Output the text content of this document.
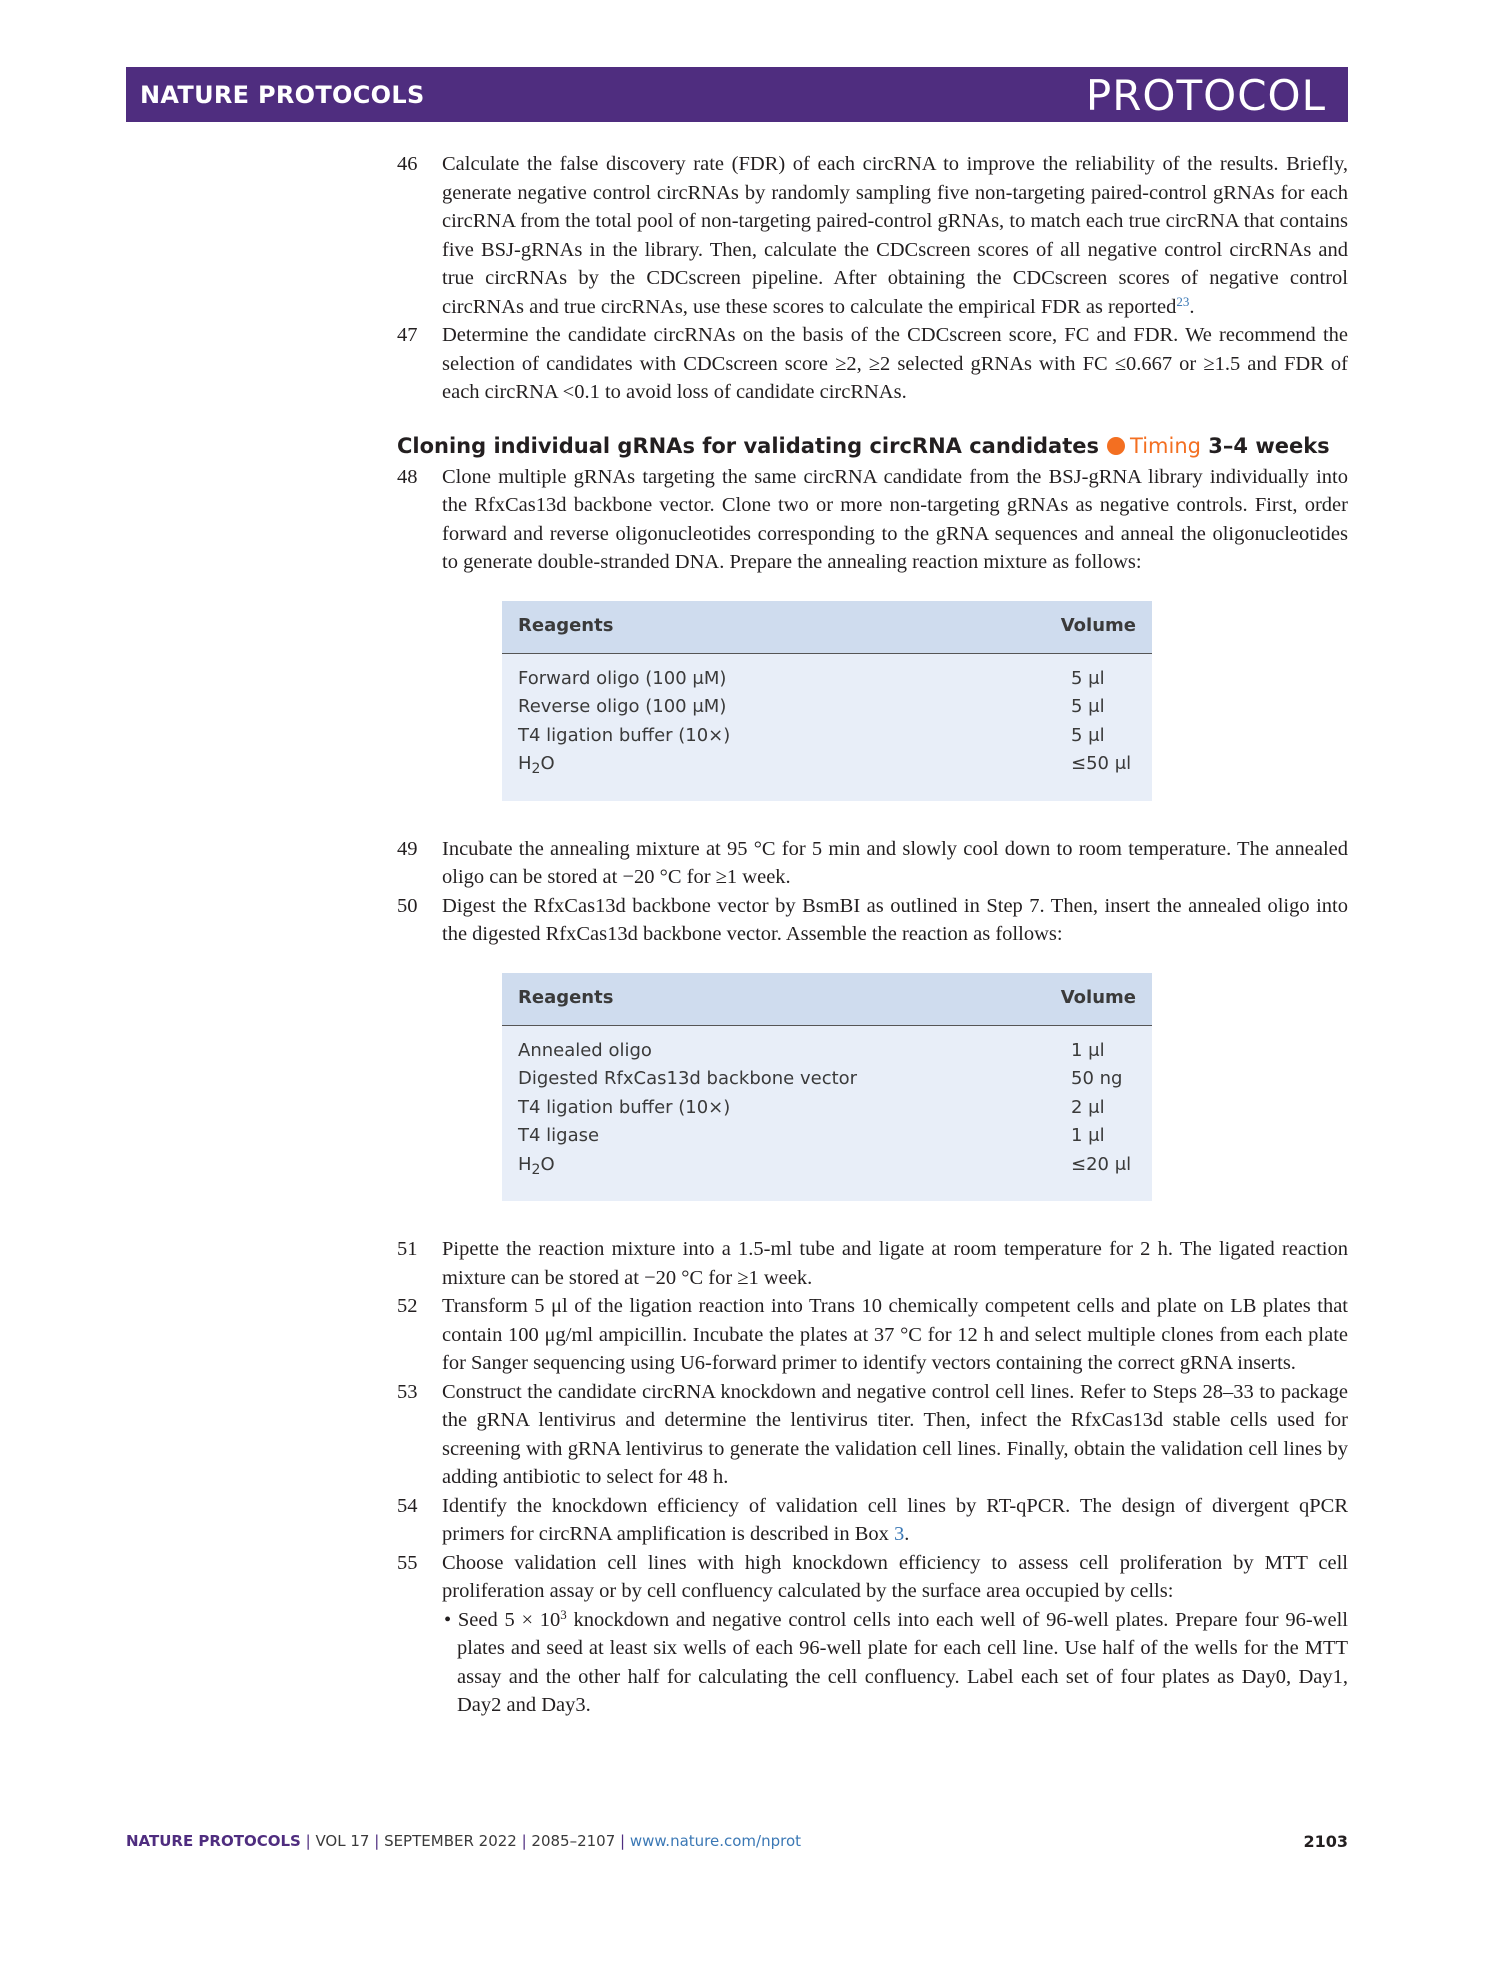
NATURE PROTOCOLS	PROTOCOL
46 Calculate the false discovery rate (FDR) of each circRNA to improve the reliability of the results. Briefly, generate negative control circRNAs by randomly sampling five non-targeting paired-control gRNAs for each circRNA from the total pool of non-targeting paired-control gRNAs, to match each true circRNA that contains five BSJ-gRNAs in the library. Then, calculate the CDCscreen scores of all negative control circRNAs and true circRNAs by the CDCscreen pipeline. After obtaining the CDCscreen scores of negative control circRNAs and true circRNAs, use these scores to calculate the empirical FDR as reported$^{23}$.
47 Determine the candidate circRNAs on the basis of the CDCscreen score, FC and FDR. We recommend the selection of candidates with CDCscreen score ≥2, ≥2 selected gRNAs with FC ≤0.667 or ≥1.5 and FDR of each circRNA <0.1 to avoid loss of candidate circRNAs.
Cloning individual gRNAs for validating circRNA candidates Timing 3–4 weeks
48 Clone multiple gRNAs targeting the same circRNA candidate from the BSJ-gRNA library individually into the RfxCas13d backbone vector. Clone two or more non-targeting gRNAs as negative controls. First, order forward and reverse oligonucleotides corresponding to the gRNA sequences and anneal the oligonucleotides to generate double-stranded DNA. Prepare the annealing reaction mixture as follows:
Reagents	Volume
Forward oligo (100 μM)	5 μl
Reverse oligo (100 μM)	5 μl
T4 ligation buffer (10×)	5 μl
$H_2O$	≤50 μl
49 Incubate the annealing mixture at 95 °C for 5 min and slowly cool down to room temperature. The annealed oligo can be stored at −20 °C for ≥1 week.
50 Digest the RfxCas13d backbone vector by BsmBI as outlined in Step 7. Then, insert the annealed oligo into the digested RfxCas13d backbone vector. Assemble the reaction as follows:
Reagents	Volume
Annealed oligo	1 μl
Digested RfxCas13d backbone vector	50 ng
T4 ligation buffer (10×)	2 μl
T4 ligase	1 μl
$H_2O$	≤20 μl
51 Pipette the reaction mixture into a 1.5-ml tube and ligate at room temperature for 2 h. The ligated reaction mixture can be stored at −20 °C for ≥1 week.
52 Transform 5 μl of the ligation reaction into Trans 10 chemically competent cells and plate on LB plates that contain 100 μg/ml ampicillin. Incubate the plates at 37 °C for 12 h and select multiple clones from each plate for Sanger sequencing using U6-forward primer to identify vectors containing the correct gRNA inserts.
53 Construct the candidate circRNA knockdown and negative control cell lines. Refer to Steps 28–33 to package the gRNA lentivirus and determine the lentivirus titer. Then, infect the RfxCas13d stable cells used for screening with gRNA lentivirus to generate the validation cell lines. Finally, obtain the validation cell lines by adding antibiotic to select for 48 h.
54 Identify the knockdown efficiency of validation cell lines by RT-qPCR. The design of divergent qPCR primers for circRNA amplification is described in Box 3.
55 Choose validation cell lines with high knockdown efficiency to assess cell proliferation by MTT cell proliferation assay or by cell confluency calculated by the surface area occupied by cells:
• Seed $5 \times 10^3$ knockdown and negative control cells into each well of 96-well plates. Prepare four 96-well plates and seed at least six wells of each 96-well plate for each cell line. Use half of the wells for the MTT assay and the other half for calculating the cell confluency. Label each set of four plates as Day0, Day1, Day2 and Day3.
NATURE PROTOCOLS | VOL 17 | SEPTEMBER 2022 | 2085–2107 | www.nature.com/nprot	2103
